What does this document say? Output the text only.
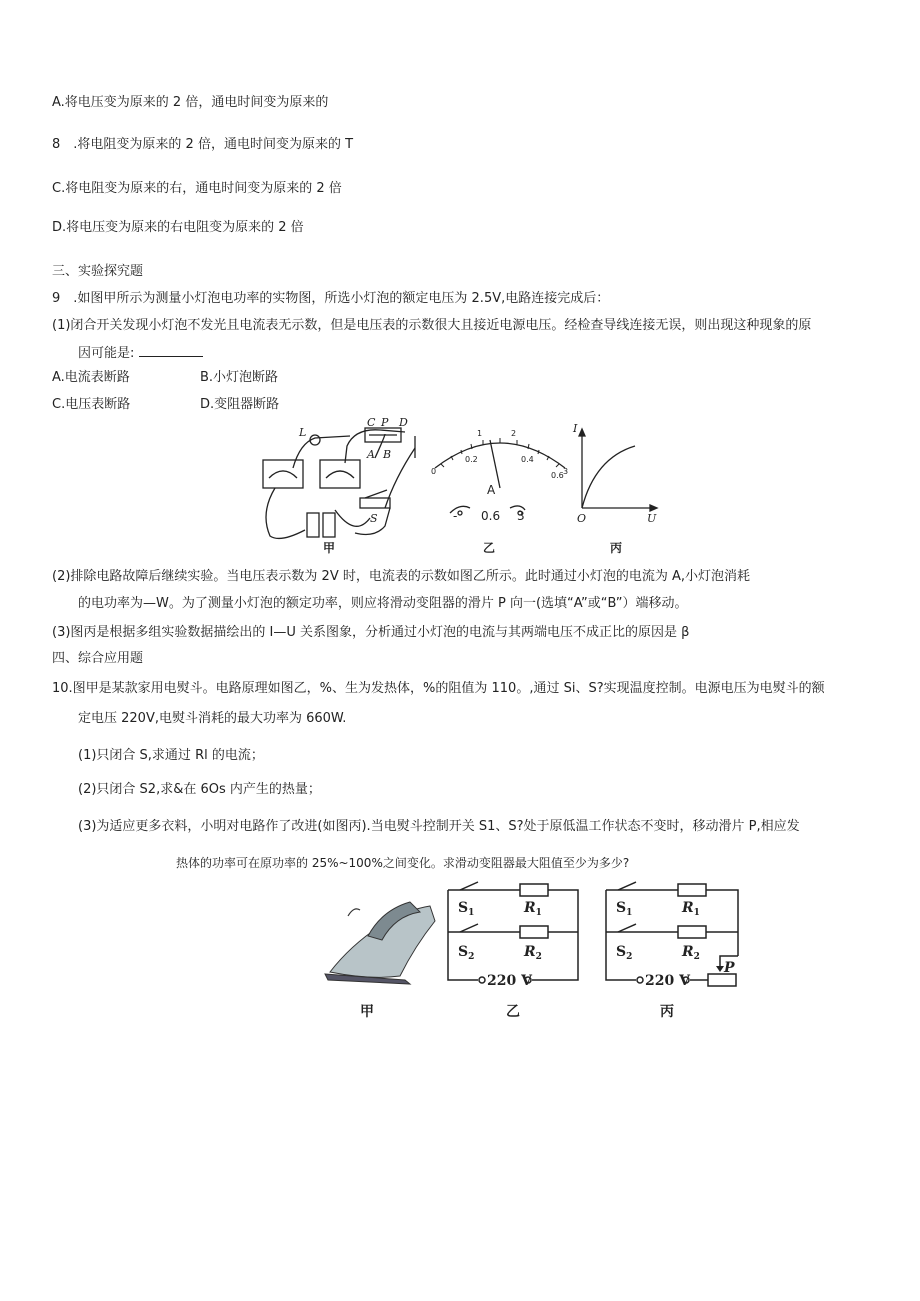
A.将电压变为原来的 2 倍，通电时间变为原来的
8　.将电阻变为原来的 2 倍，通电时间变为原来的 T
C.将电阻变为原来的右，通电时间变为原来的 2 倍
D.将电压变为原来的右电阻变为原来的 2 倍
三、实验探究题
9　.如图甲所示为测量小灯泡电功率的实物图，所选小灯泡的额定电压为 2.5V,电路连接完成后：
(1)闭合开关发现小灯泡不发光且电流表无示数，但是电压表的示数很大且接近电源电压。经检查导线连接无误，则出现这种现象的原
因可能是:
A.电流表断路	B.小灯泡断路
C.电压表断路	D.变阻器断路
L
C P D
A B
S
I
U
O
0
1	2
3
0.2	0.4
0.6
A
- 0.6 3
甲	乙	丙
(2)排除电路故障后继续实验。当电压表示数为 2V 时，电流表的示数如图乙所示。此时通过小灯泡的电流为 A,小灯泡消耗
的电功率为—W。为了测量小灯泡的额定功率，则应将滑动变阻器的滑片 P 向一(选填“A”或“B”）端移动。
(3)图丙是根据多组实验数据描绘出的 I—U 关系图象，分析通过小灯泡的电流与其两端电压不成正比的原因是 β
四、综合应用题
10.图甲是某款家用电熨斗。电路原理如图乙，%、生为发热体，%的阻值为 110。,通过 Si、S?实现温度控制。电源电压为电熨斗的额
定电压 220V,电熨斗消耗的最大功率为 660W.
(1)只闭合 S,求通过 Rl 的电流；
(2)只闭合 S2,求&在 6Os 内产生的热量；
(3)为适应更多衣料，小明对电路作了改进(如图丙).当电熨斗控制开关 S1、S?处于原低温工作状态不变时，移动滑片 P,相应发
热体的功率可在原功率的 25%~100%之间变化。求滑动变阻器最大阻值至少为多少?
$S_1$	$R_1$
$S_2$	$R_2$
220 V
$S_1$	$R_1$
$S_2$	$R_2$
220 V
P
甲	乙	丙
